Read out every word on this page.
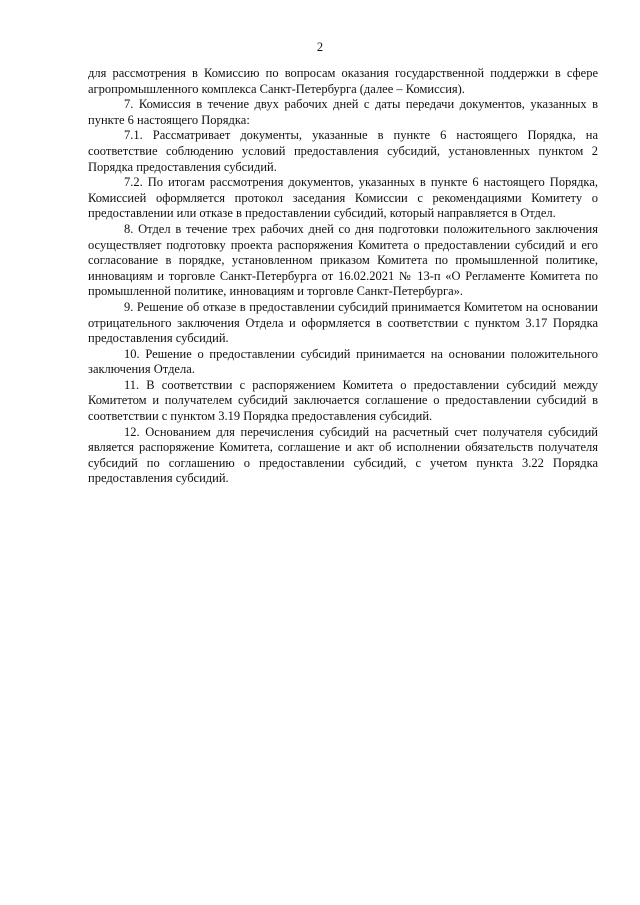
2

для рассмотрения в Комиссию по вопросам оказания государственной поддержки в сфере агропромышленного комплекса Санкт-Петербурга (далее – Комиссия).

7. Комиссия в течение двух рабочих дней с даты передачи документов, указанных в пункте 6 настоящего Порядка:

7.1. Рассматривает документы, указанные в пункте 6 настоящего Порядка, на соответствие соблюдению условий предоставления субсидий, установленных пунктом 2 Порядка предоставления субсидий.

7.2. По итогам рассмотрения документов, указанных в пункте 6 настоящего Порядка, Комиссией оформляется протокол заседания Комиссии с рекомендациями Комитету о предоставлении или отказе в предоставлении субсидий, который направляется в Отдел.

8. Отдел в течение трех рабочих дней со дня подготовки положительного заключения осуществляет подготовку проекта распоряжения Комитета о предоставлении субсидий и его согласование в порядке, установленном приказом Комитета по промышленной политике, инновациям и торговле Санкт-Петербурга от 16.02.2021 № 13-п «О Регламенте Комитета по промышленной политике, инновациям и торговле Санкт-Петербурга».

9. Решение об отказе в предоставлении субсидий принимается Комитетом на основании отрицательного заключения Отдела и оформляется в соответствии с пунктом 3.17 Порядка предоставления субсидий.

10. Решение о предоставлении субсидий принимается на основании положительного заключения Отдела.

11. В соответствии с распоряжением Комитета о предоставлении субсидий между Комитетом и получателем субсидий заключается соглашение о предоставлении субсидий в соответствии с пунктом 3.19 Порядка предоставления субсидий.

12. Основанием для перечисления субсидий на расчетный счет получателя субсидий является распоряжение Комитета, соглашение и акт об исполнении обязательств получателя субсидий по соглашению о предоставлении субсидий, с учетом пункта 3.22 Порядка предоставления субсидий.
